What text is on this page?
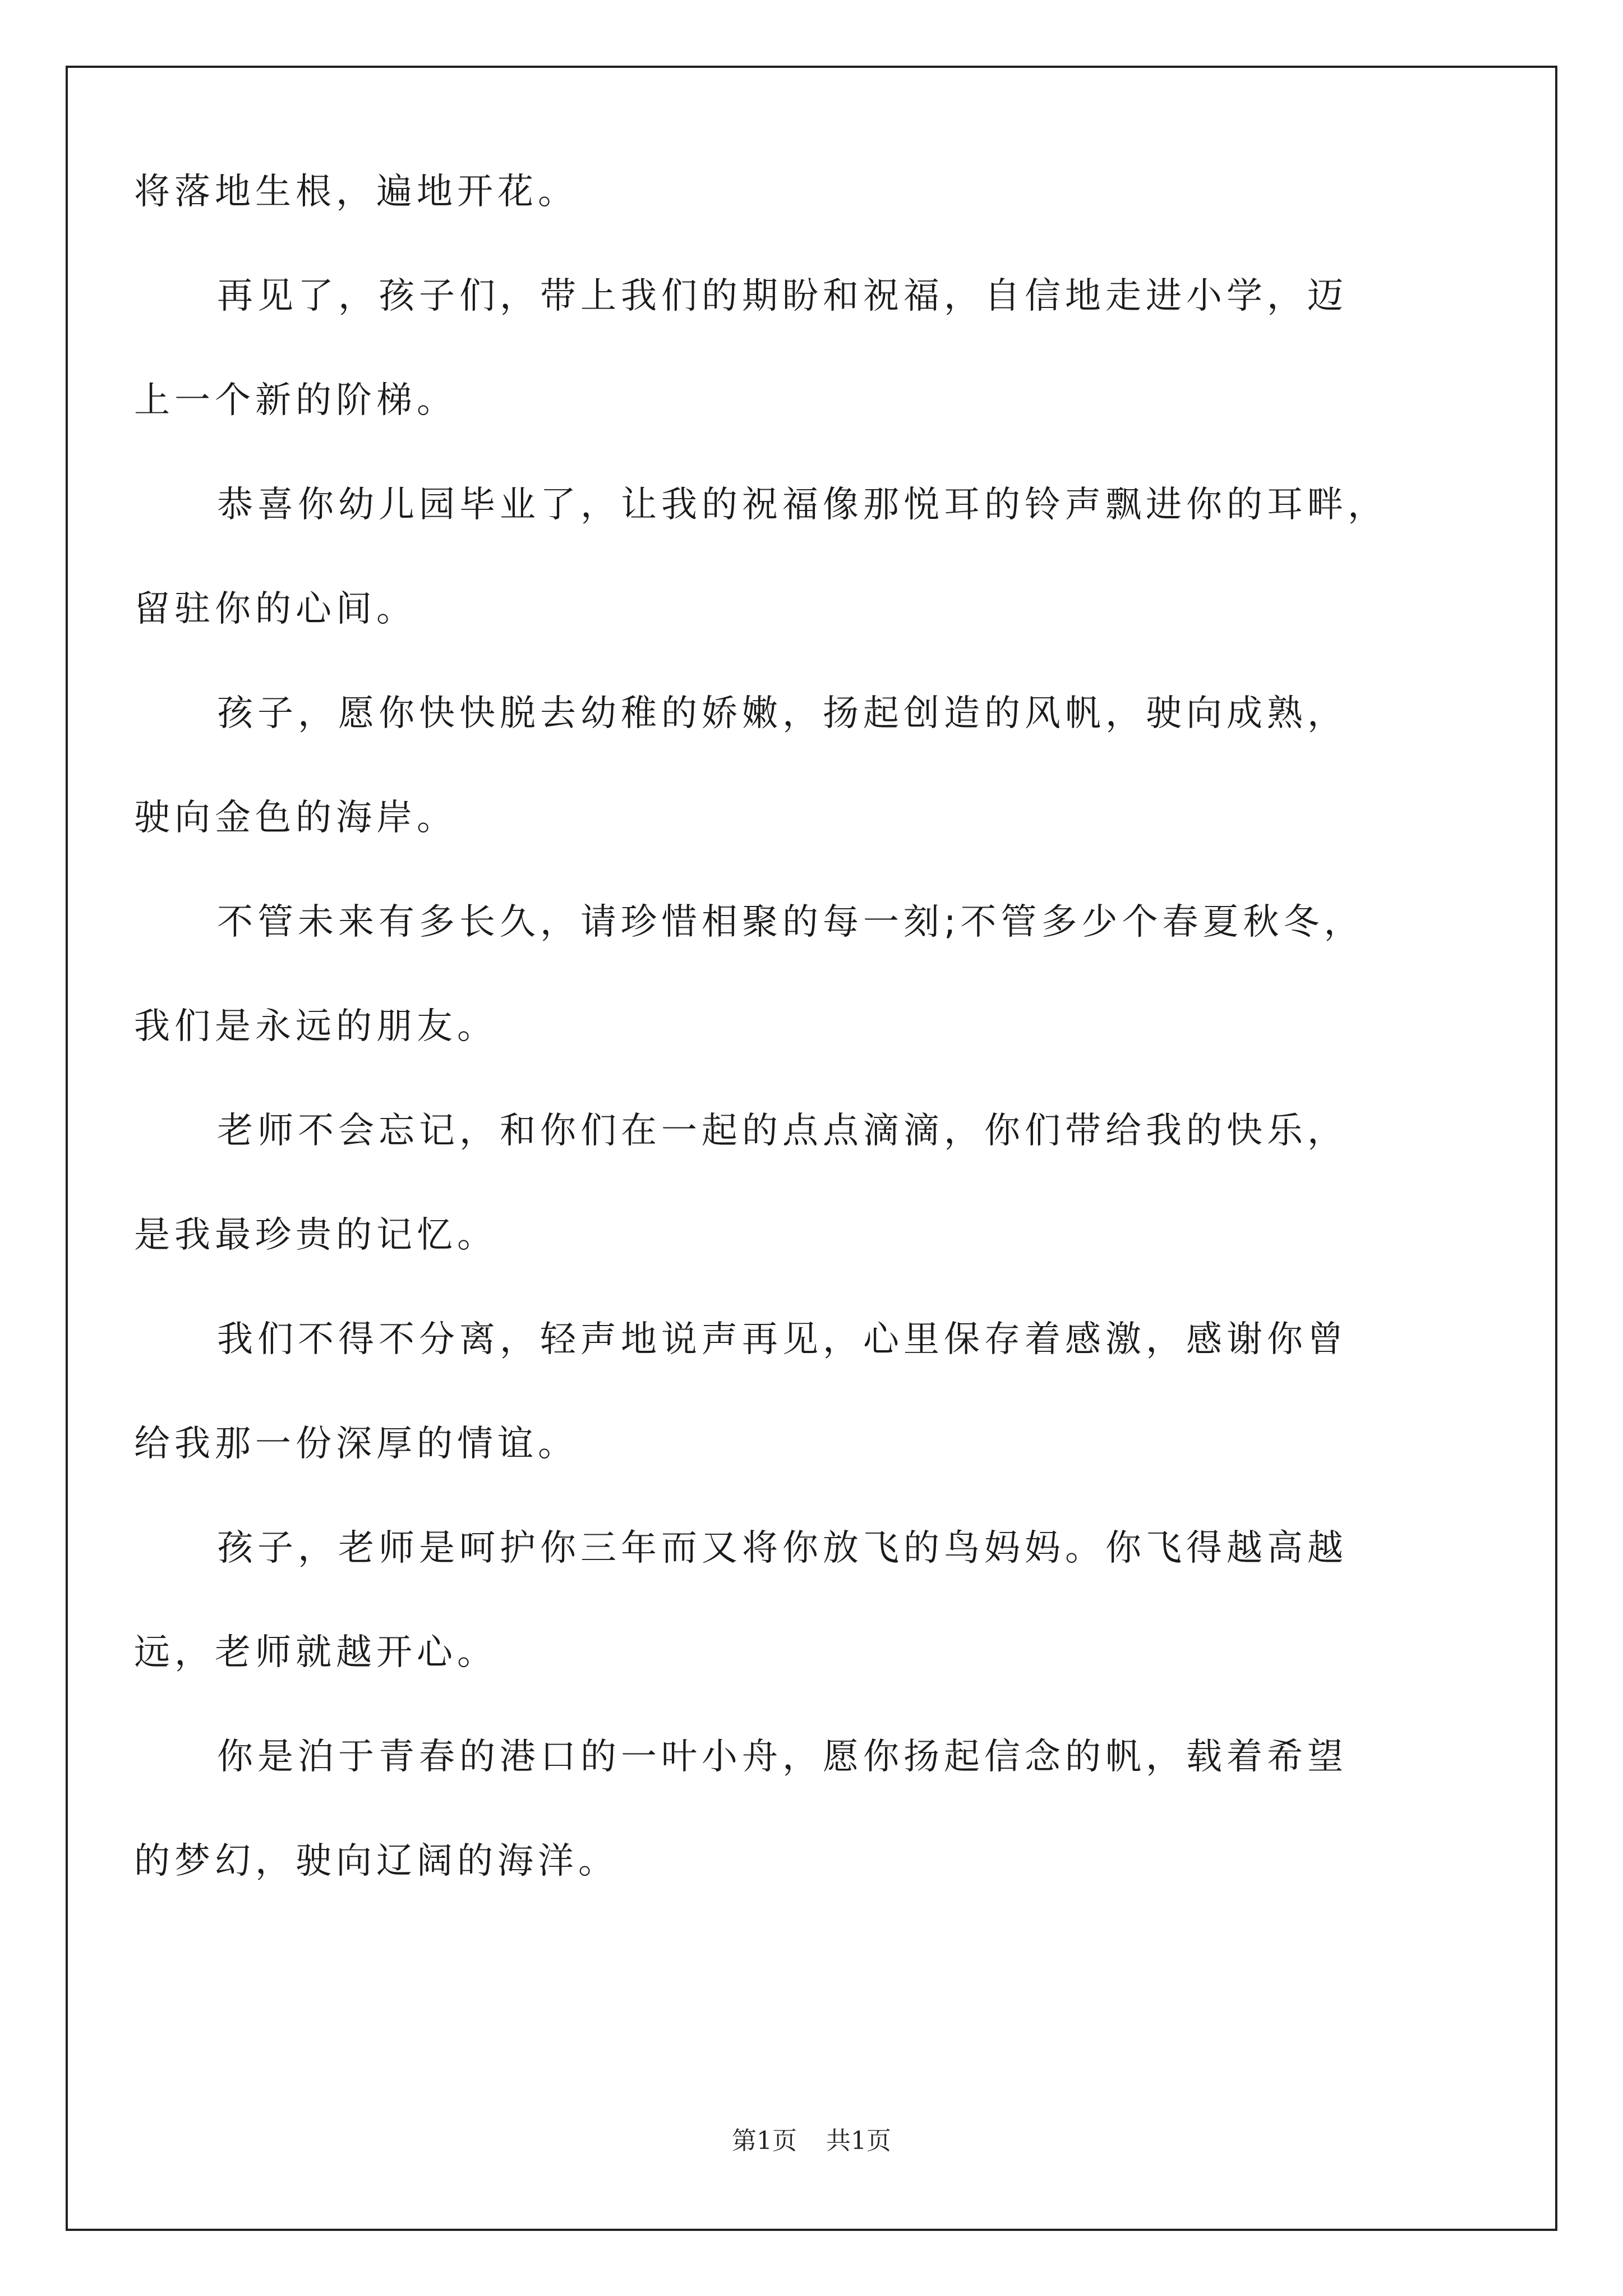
将落地生根，遍地开花。
再见了，孩子们，带上我们的期盼和祝福，自信地走进小学，迈
上一个新的阶梯。
恭喜你幼儿园毕业了，让我的祝福像那悦耳的铃声飘进你的耳畔，
留驻你的心间。
孩子，愿你快快脱去幼稚的娇嫩，扬起创造的风帆，驶向成熟，
驶向金色的海岸。
不管未来有多长久，请珍惜相聚的每一刻;不管多少个春夏秋冬，
我们是永远的朋友。
老师不会忘记，和你们在一起的点点滴滴，你们带给我的快乐，
是我最珍贵的记忆。
我们不得不分离，轻声地说声再见，心里保存着感激，感谢你曾
给我那一份深厚的情谊。
孩子，老师是呵护你三年而又将你放飞的鸟妈妈。你飞得越高越
远，老师就越开心。
你是泊于青春的港口的一叶小舟，愿你扬起信念的帆，载着希望
的梦幻，驶向辽阔的海洋。
第1页 共1页
